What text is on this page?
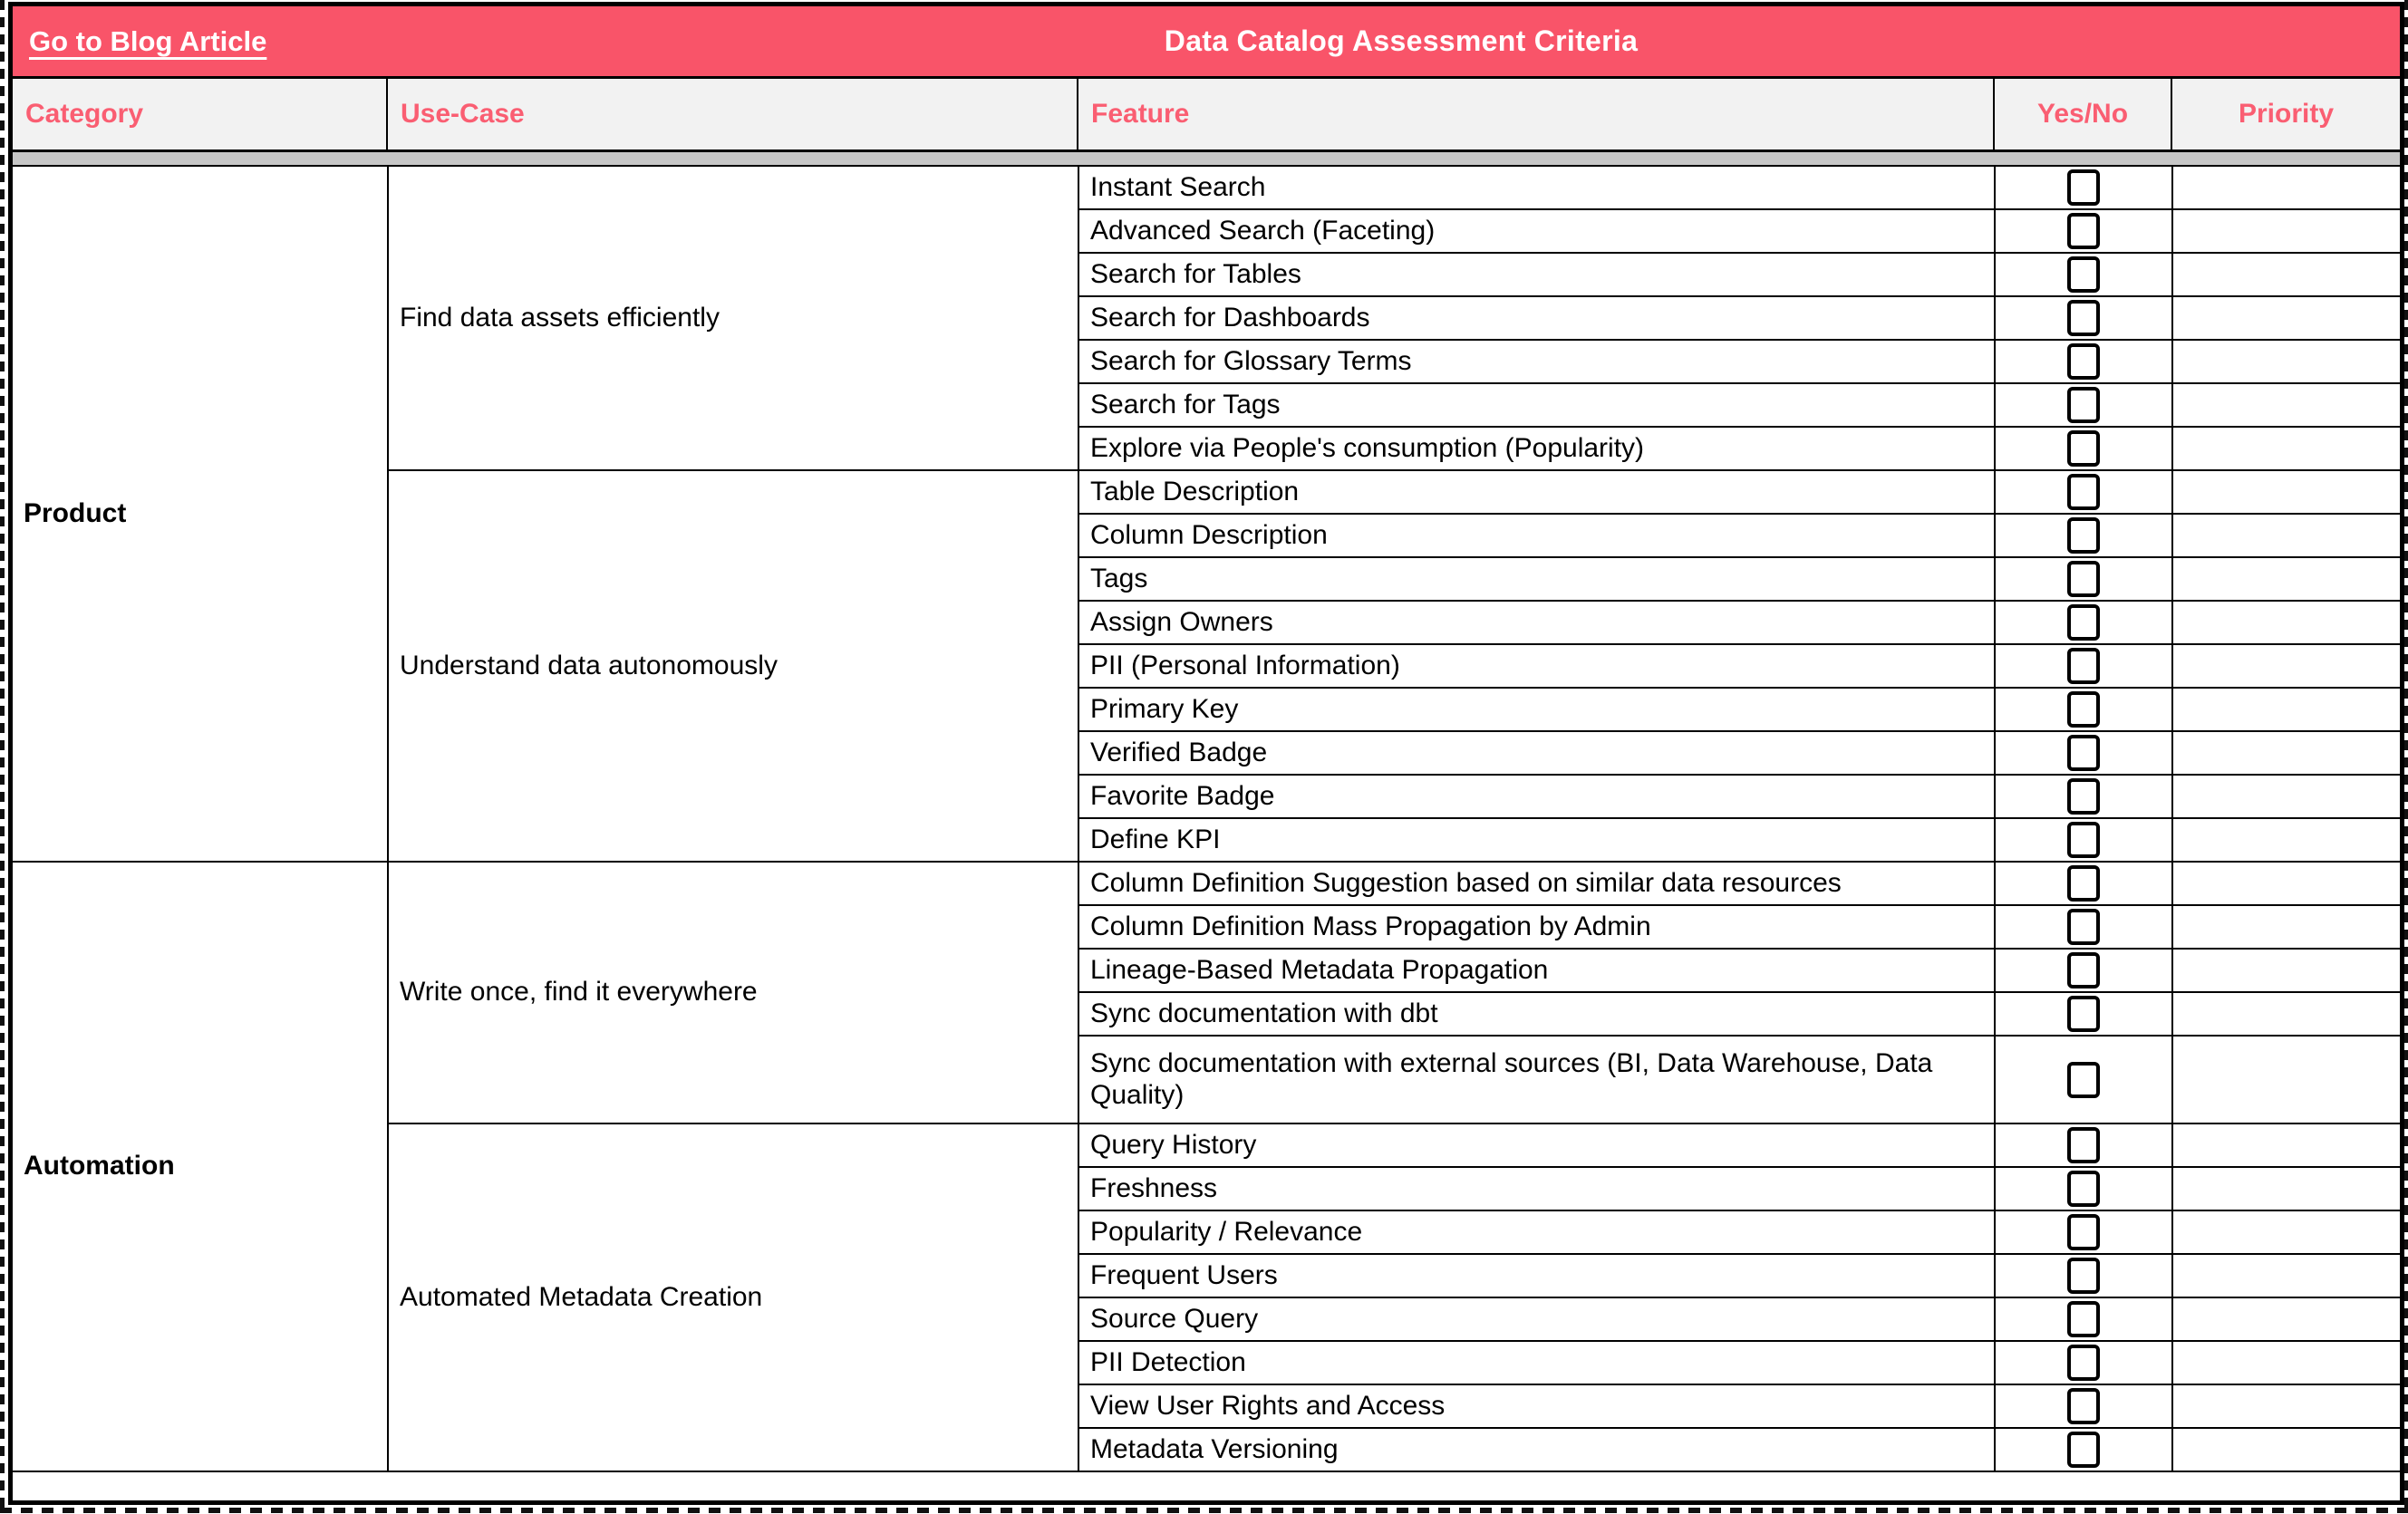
Go to Blog Article	Data Catalog Assessment Criteria
Category	Use-Case	Feature	Yes/No	Priority
Product	Find data assets efficiently	Instant Search		
		Advanced Search (Faceting)		
		Search for Tables		
		Search for Dashboards		
		Search for Glossary Terms		
		Search for Tags		
		Explore via People's consumption (Popularity)		
	Understand data autonomously	Table Description		
		Column Description		
		Tags		
		Assign Owners		
		PII (Personal Information)		
		Primary Key		
		Verified Badge		
		Favorite Badge		
		Define KPI		
Automation	Write once, find it everywhere	Column Definition Suggestion based on similar data resources		
		Column Definition Mass Propagation by Admin		
		Lineage-Based Metadata Propagation		
		Sync documentation with dbt		
		Sync documentation with external sources (BI, Data Warehouse, Data Quality)		
	Automated Metadata Creation	Query History		
		Freshness		
		Popularity / Relevance		
		Frequent Users		
		Source Query		
		PII Detection		
		View User Rights and Access		
		Metadata Versioning		
